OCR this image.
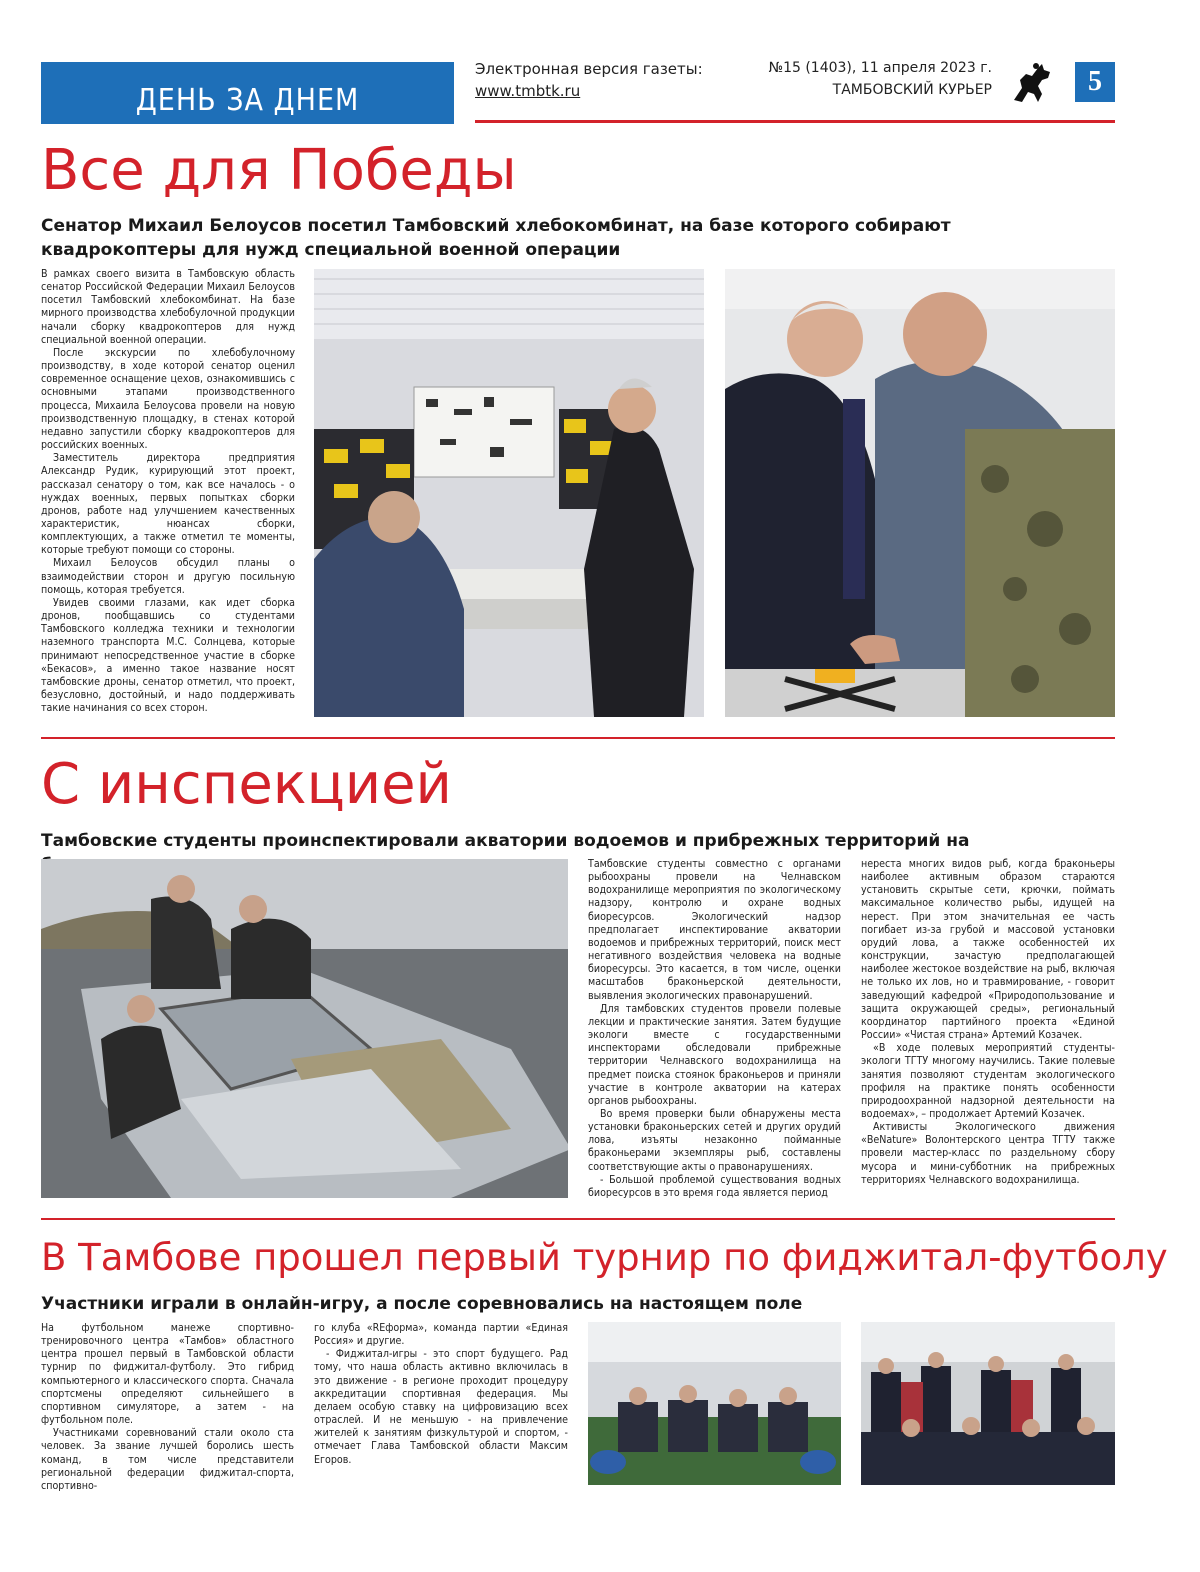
ДЕНЬ ЗА ДНЕМ
Электронная версия газеты:
www.tmbtk.ru
№15 (1403), 11 апреля 2023 г.
ТАМБОВСКИЙ КУРЬЕР	5
Все для Победы
Сенатор Михаил Белоусов посетил Тамбовский хлебокомбинат, на базе которого собирают квадрокоптеры для нужд специальной военной операции

В рамках своего визита в Тамбовскую область сенатор Российской Федерации Михаил Белоусов посетил Тамбовский хлебокомбинат. На базе мирного производства хлебобулочной продукции начали сборку квадрокоптеров для нужд специальной военной операции.

После экскурсии по хлебобулочному производству, в ходе которой сенатор оценил современное оснащение цехов, ознакомившись с основными этапами производственного процесса, Михаила Белоусова провели на новую производственную площадку, в стенах которой недавно запустили сборку квадрокоптеров для российских военных.

Заместитель директора предприятия Александр Рудик, курирующий этот проект, рассказал сенатору о том, как все началось - о нуждах военных, первых попытках сборки дронов, работе над улучшением качественных характеристик, нюансах сборки, комплектующих, а также отметил те моменты, которые требуют помощи со стороны.

Михаил Белоусов обсудил планы о взаимодействии сторон и другую посильную помощь, которая требуется.

Увидев своими глазами, как идет сборка дронов, пообщавшись со студентами Тамбовского колледжа техники и технологии наземного транспорта М.С. Солнцева, которые принимают непосредственное участие в сборке «Бекасов», а именно такое название носят тамбовские дроны, сенатор отметил, что проект, безусловно, достойный, и надо поддерживать такие начинания со всех сторон.

С инспекцией
Тамбовские студенты проинспектировали акватории водоемов и прибрежных территорий на

Тамбовские студенты совместно с органами рыбоохраны провели на Челнавском водохранилище мероприятия по экологическому надзору, контролю и охране водных биоресурсов. Экологический надзор предполагает инспектирование акватории водоемов и прибрежных территорий, поиск мест негативного воздействия человека на водные биоресурсы. Это касается, в том числе, оценки масштабов браконьерской деятельности, выявления экологических правонарушений.

Для тамбовских студентов провели полевые лекции и практические занятия. Затем будущие экологи вместе с государственными инспекторами обследовали прибрежные территории Челнавского водохранилища на предмет поиска стоянок браконьеров и приняли участие в контроле акватории на катерах органов рыбоохраны.

Во время проверки были обнаружены места установки браконьерских сетей и других орудий лова, изъяты незаконно пойманные браконьерами экземпляры рыб, составлены соответствующие акты о правонарушениях.

- Большой проблемой существования водных биоресурсов в это время года является период

нереста многих видов рыб, когда браконьеры наиболее активным образом стараются установить скрытые сети, крючки, поймать максимальное количество рыбы, идущей на нерест. При этом значительная ее часть погибает из-за грубой и массовой установки орудий лова, а также особенностей их конструкции, зачастую предполагающей наиболее жестокое воздействие на рыб, включая не только их лов, но и травмирование, - говорит заведующий кафедрой «Природопользование и защита окружающей среды», региональный координатор партийного проекта «Единой России» «Чистая страна» Артемий Козачек.

«В ходе полевых мероприятий студенты-экологи ТГТУ многому научились. Такие полевые занятия позволяют студентам экологического профиля на практике понять особенности природоохранной надзорной деятельности на водоемах», – продолжает Артемий Козачек.

Активисты Экологического движения «BeNature» Волонтерского центра ТГТУ также провели мастер-класс по раздельному сбору мусора и мини-субботник на прибрежных территориях Челнавского водохранилища.

В Тамбове прошел первый турнир по фиджитал-футболу
Участники играли в онлайн-игру, а после соревновались на настоящем поле

На футбольном манеже спортивно-тренировочного центра «Тамбов» областного центра прошел первый в Тамбовской области турнир по фиджитал-футболу. Это гибрид компьютерного и классического спорта. Сначала спортсмены определяют сильнейшего в спортивном симуляторе, а затем - на футбольном поле.

Участниками соревнований стали около ста человек. За звание лучшей боролись шесть команд, в том числе представители региональной федерации фиджитал-спорта, спортивно-

го клуба «REформа», команда партии «Единая Россия» и другие.

- Фиджитал-игры - это спорт будущего. Рад тому, что наша область активно включилась в это движение - в регионе проходит процедуру аккредитации спортивная федерация. Мы делаем особую ставку на цифровизацию всех отраслей. И не меньшую - на привлечение жителей к занятиям физкультурой и спортом, - отмечает Глава Тамбовской области Максим Егоров.
